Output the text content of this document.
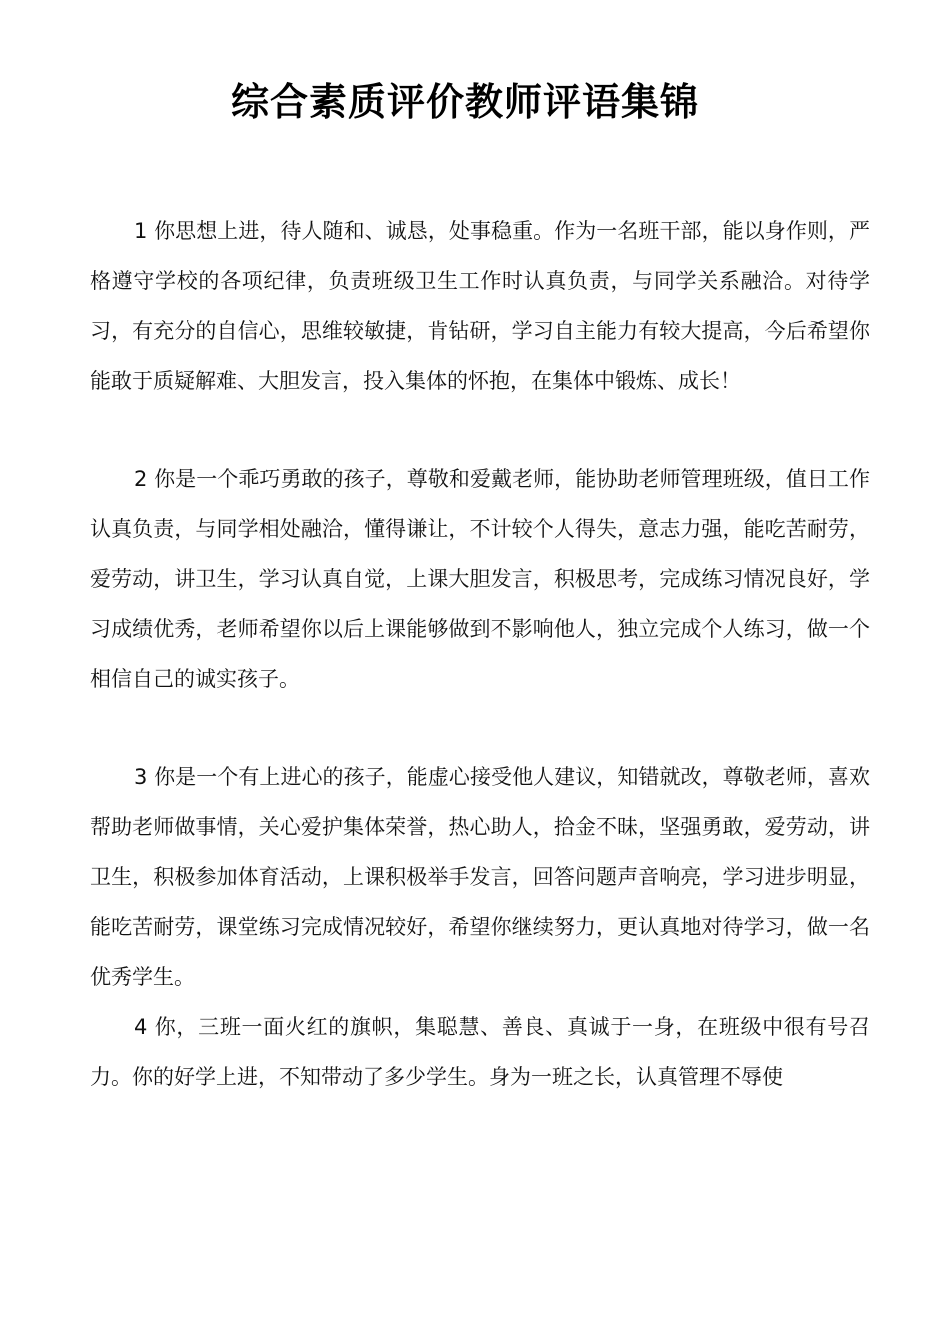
综合素质评价教师评语集锦

1 你思想上进，待人随和、诚恳，处事稳重。作为一名班干部，能以身作则，严格遵守学校的各项纪律，负责班级卫生工作时认真负责，与同学关系融洽。对待学习，有充分的自信心，思维较敏捷，肯钻研，学习自主能力有较大提高，今后希望你能敢于质疑解难、大胆发言，投入集体的怀抱，在集体中锻炼、成长！

2 你是一个乖巧勇敢的孩子，尊敬和爱戴老师，能协助老师管理班级，值日工作认真负责，与同学相处融洽，懂得谦让，不计较个人得失，意志力强，能吃苦耐劳，爱劳动，讲卫生，学习认真自觉，上课大胆发言，积极思考，完成练习情况良好，学习成绩优秀，老师希望你以后上课能够做到不影响他人，独立完成个人练习，做一个相信自己的诚实孩子。

3 你是一个有上进心的孩子，能虚心接受他人建议，知错就改，尊敬老师，喜欢帮助老师做事情，关心爱护集体荣誉，热心助人，拾金不昧，坚强勇敢，爱劳动，讲卫生，积极参加体育活动，上课积极举手发言，回答问题声音响亮，学习进步明显，能吃苦耐劳，课堂练习完成情况较好，希望你继续努力，更认真地对待学习，做一名优秀学生。

4 你，三班一面火红的旗帜，集聪慧、善良、真诚于一身，在班级中很有号召力。你的好学上进，不知带动了多少学生。身为一班之长，认真管理不辱使
